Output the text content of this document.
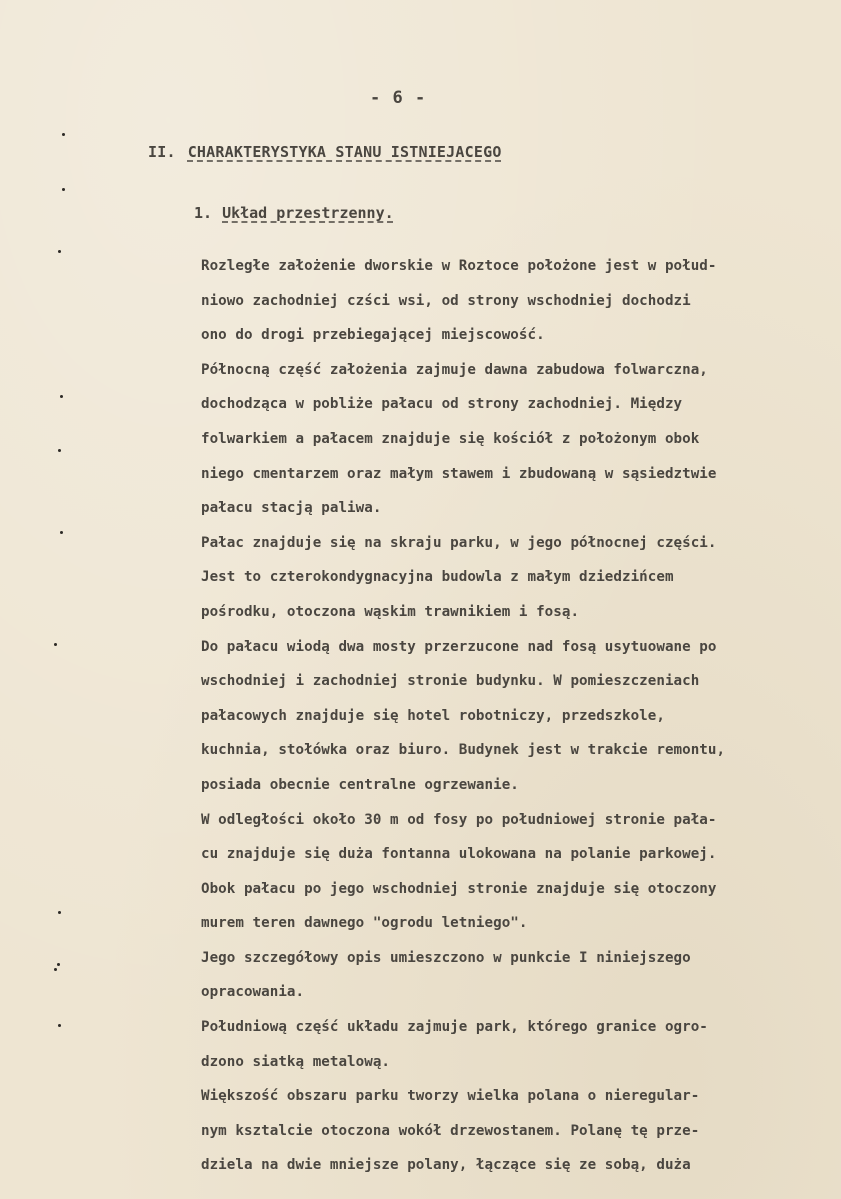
- 6 -
II. CHARAKTERYSTYKA STANU ISTNIEJACEGO
1. Układ przestrzenny.
Rozległe założenie dworskie w Roztoce położone jest w połud-
niowo zachodniej czści wsi, od strony wschodniej dochodzi
ono do drogi przebiegającej miejscowość.
Północną część założenia zajmuje dawna zabudowa folwarczna,
dochodząca w pobliże pałacu od strony zachodniej. Między
folwarkiem a pałacem znajduje się kościół z położonym obok
niego cmentarzem oraz małym stawem i zbudowaną w sąsiedztwie
pałacu stacją paliwa.
Pałac znajduje się na skraju parku, w jego północnej części.
Jest to czterokondygnacyjna budowla z małym dziedzińcem
pośrodku, otoczona wąskim trawnikiem i fosą.
Do pałacu wiodą dwa mosty przerzucone nad fosą usytuowane po
wschodniej i zachodniej stronie budynku. W pomieszczeniach
pałacowych znajduje się hotel robotniczy, przedszkole,
kuchnia, stołówka oraz biuro. Budynek jest w trakcie remontu,
posiada obecnie centralne ogrzewanie.
W odległości około 30 m od fosy po południowej stronie pała-
cu znajduje się duża fontanna ulokowana na polanie parkowej.
Obok pałacu po jego wschodniej stronie znajduje się otoczony
murem teren dawnego "ogrodu letniego".
Jego szczegółowy opis umieszczono w punkcie I niniejszego
opracowania.
Południową część układu zajmuje park, którego granice ogro-
dzono siatką metalową.
Większość obszaru parku tworzy wielka polana o nieregular-
nym ksztalcie otoczona wokół drzewostanem. Polanę tę prze-
dziela na dwie mniejsze polany, łączące się ze sobą, duża
